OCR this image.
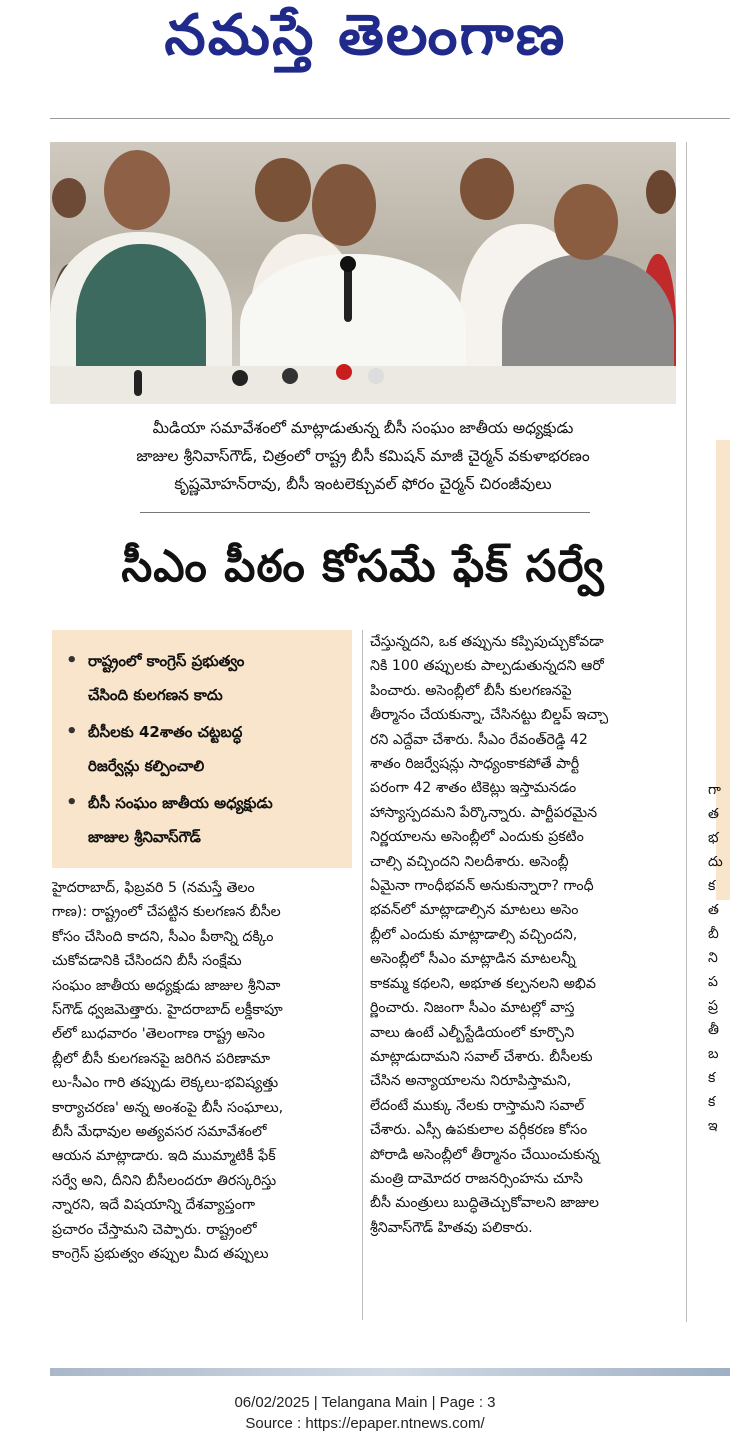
నమస్తే తెలంగాణ
మీడియా సమావేశంలో మాట్లాడుతున్న బీసీ సంఘం జాతీయ అధ్యక్షుడు
జాజుల శ్రీనివాస్‌గౌడ్, చిత్రంలో రాష్ట్ర బీసీ కమిషన్ మాజీ చైర్మన్ వకుళాభరణం
కృష్ణమోహన్‌రావు, బీసీ ఇంటలెక్చువల్ ఫోరం చైర్మన్ చిరంజీవులు
సీఎం పీఠం కోసమే ఫేక్ సర్వే
• రాష్ట్రంలో కాంగ్రెస్ ప్రభుత్వం
చేసింది కులగణన కాదు
• బీసీలకు 42శాతం చట్టబద్ధ
రిజర్వేన్లు కల్పించాలి
• బీసీ సంఘం జాతీయ అధ్యక్షుడు
జాజుల శ్రీనివాస్‌గౌడ్
హైదరాబాద్, ఫిబ్రవరి 5 (నమస్తే తెలం
గాణ): రాష్ట్రంలో చేపట్టిన కులగణన బీసీల
కోసం చేసింది కాదని, సీఎం పీఠాన్ని దక్కిం
చుకోవడానికి చేసిందని బీసీ సంక్షేమ
సంఘం జాతీయ అధ్యక్షుడు జాజుల శ్రీనివా
స్‌గౌడ్ ధ్వజమెత్తారు. హైదరాబాద్ లక్డీకాపూ
ల్‌లో బుధవారం 'తెలంగాణ రాష్ట్ర అసెం
బ్లీలో బీసీ కులగణనపై జరిగిన పరిణామా
లు-సీఎం గారి తప్పుడు లెక్కలు-భవిష్యత్తు
కార్యాచరణ' అన్న అంశంపై బీసీ సంఘాలు,
బీసీ మేధావుల అత్యవసర సమావేశంలో
ఆయన మాట్లాడారు. ఇది ముమ్మాటికీ ఫేక్
సర్వే అని, దీనిని బీసీలందరూ తిరస్కరిస్తు
న్నారని, ఇదే విషయాన్ని దేశవ్యాప్తంగా
ప్రచారం చేస్తామని చెప్పారు. రాష్ట్రంలో
కాంగ్రెస్ ప్రభుత్వం తప్పుల మీద తప్పులు
చేస్తున్నదని, ఒక తప్పును కప్పిపుచ్చుకోవడా
నికి 100 తప్పులకు పాల్పడుతున్నదని ఆరో
పించారు. అసెంబ్లీలో బీసీ కులగణనపై
తీర్మానం చేయకున్నా, చేసినట్టు బిల్డప్ ఇచ్చా
రని ఎద్దేవా చేశారు. సీఎం రేవంత్‌రెడ్డి 42
శాతం రిజర్వేషన్లు సాధ్యంకాకపోతే పార్టీ
పరంగా 42 శాతం టికెట్లు ఇస్తామనడం
హాస్యాస్పదమని పేర్కొన్నారు. పార్టీపరమైన
నిర్ణయాలను అసెంబ్లీలో ఎందుకు ప్రకటిం
చాల్సి వచ్చిందని నిలదీశారు. అసెంబ్లీ
ఏమైనా గాంధీభవన్ అనుకున్నారా? గాంధీ
భవన్‌లో మాట్లాడాల్సిన మాటలు అసెం
బ్లీలో ఎందుకు మాట్లాడాల్సి వచ్చిందని,
అసెంబ్లీలో సీఎం మాట్లాడిన మాటలన్నీ
కాకమ్మ కథలని, అభూత కల్పనలని అభివ
ర్ణించారు. నిజంగా సీఎం మాటల్లో వాస్త
వాలు ఉంటే ఎల్బీస్టేడియంలో కూర్చొని
మాట్లాడుదామని సవాల్ చేశారు. బీసీలకు
చేసిన అన్యాయాలను నిరూపిస్తామని,
లేదంటే ముక్కు నేలకు రాస్తామని సవాల్
చేశారు. ఎస్సీ ఉపకులాల వర్గీకరణ కోసం
పోరాడి అసెంబ్లీలో తీర్మానం చేయించుకున్న
మంత్రి దామోదర రాజనర్సింహను చూసి
బీసీ మంత్రులు బుద్ధితెచ్చుకోవాలని జాజుల
శ్రీనివాస్‌గౌడ్ హితవు పలికారు.
గా
త
భ
దు
క
త
బీ
ని
ప
ప్ర
తీ
బ
క
క
ఇ
06/02/2025 | Telangana Main | Page : 3
Source : https://epaper.ntnews.com/
